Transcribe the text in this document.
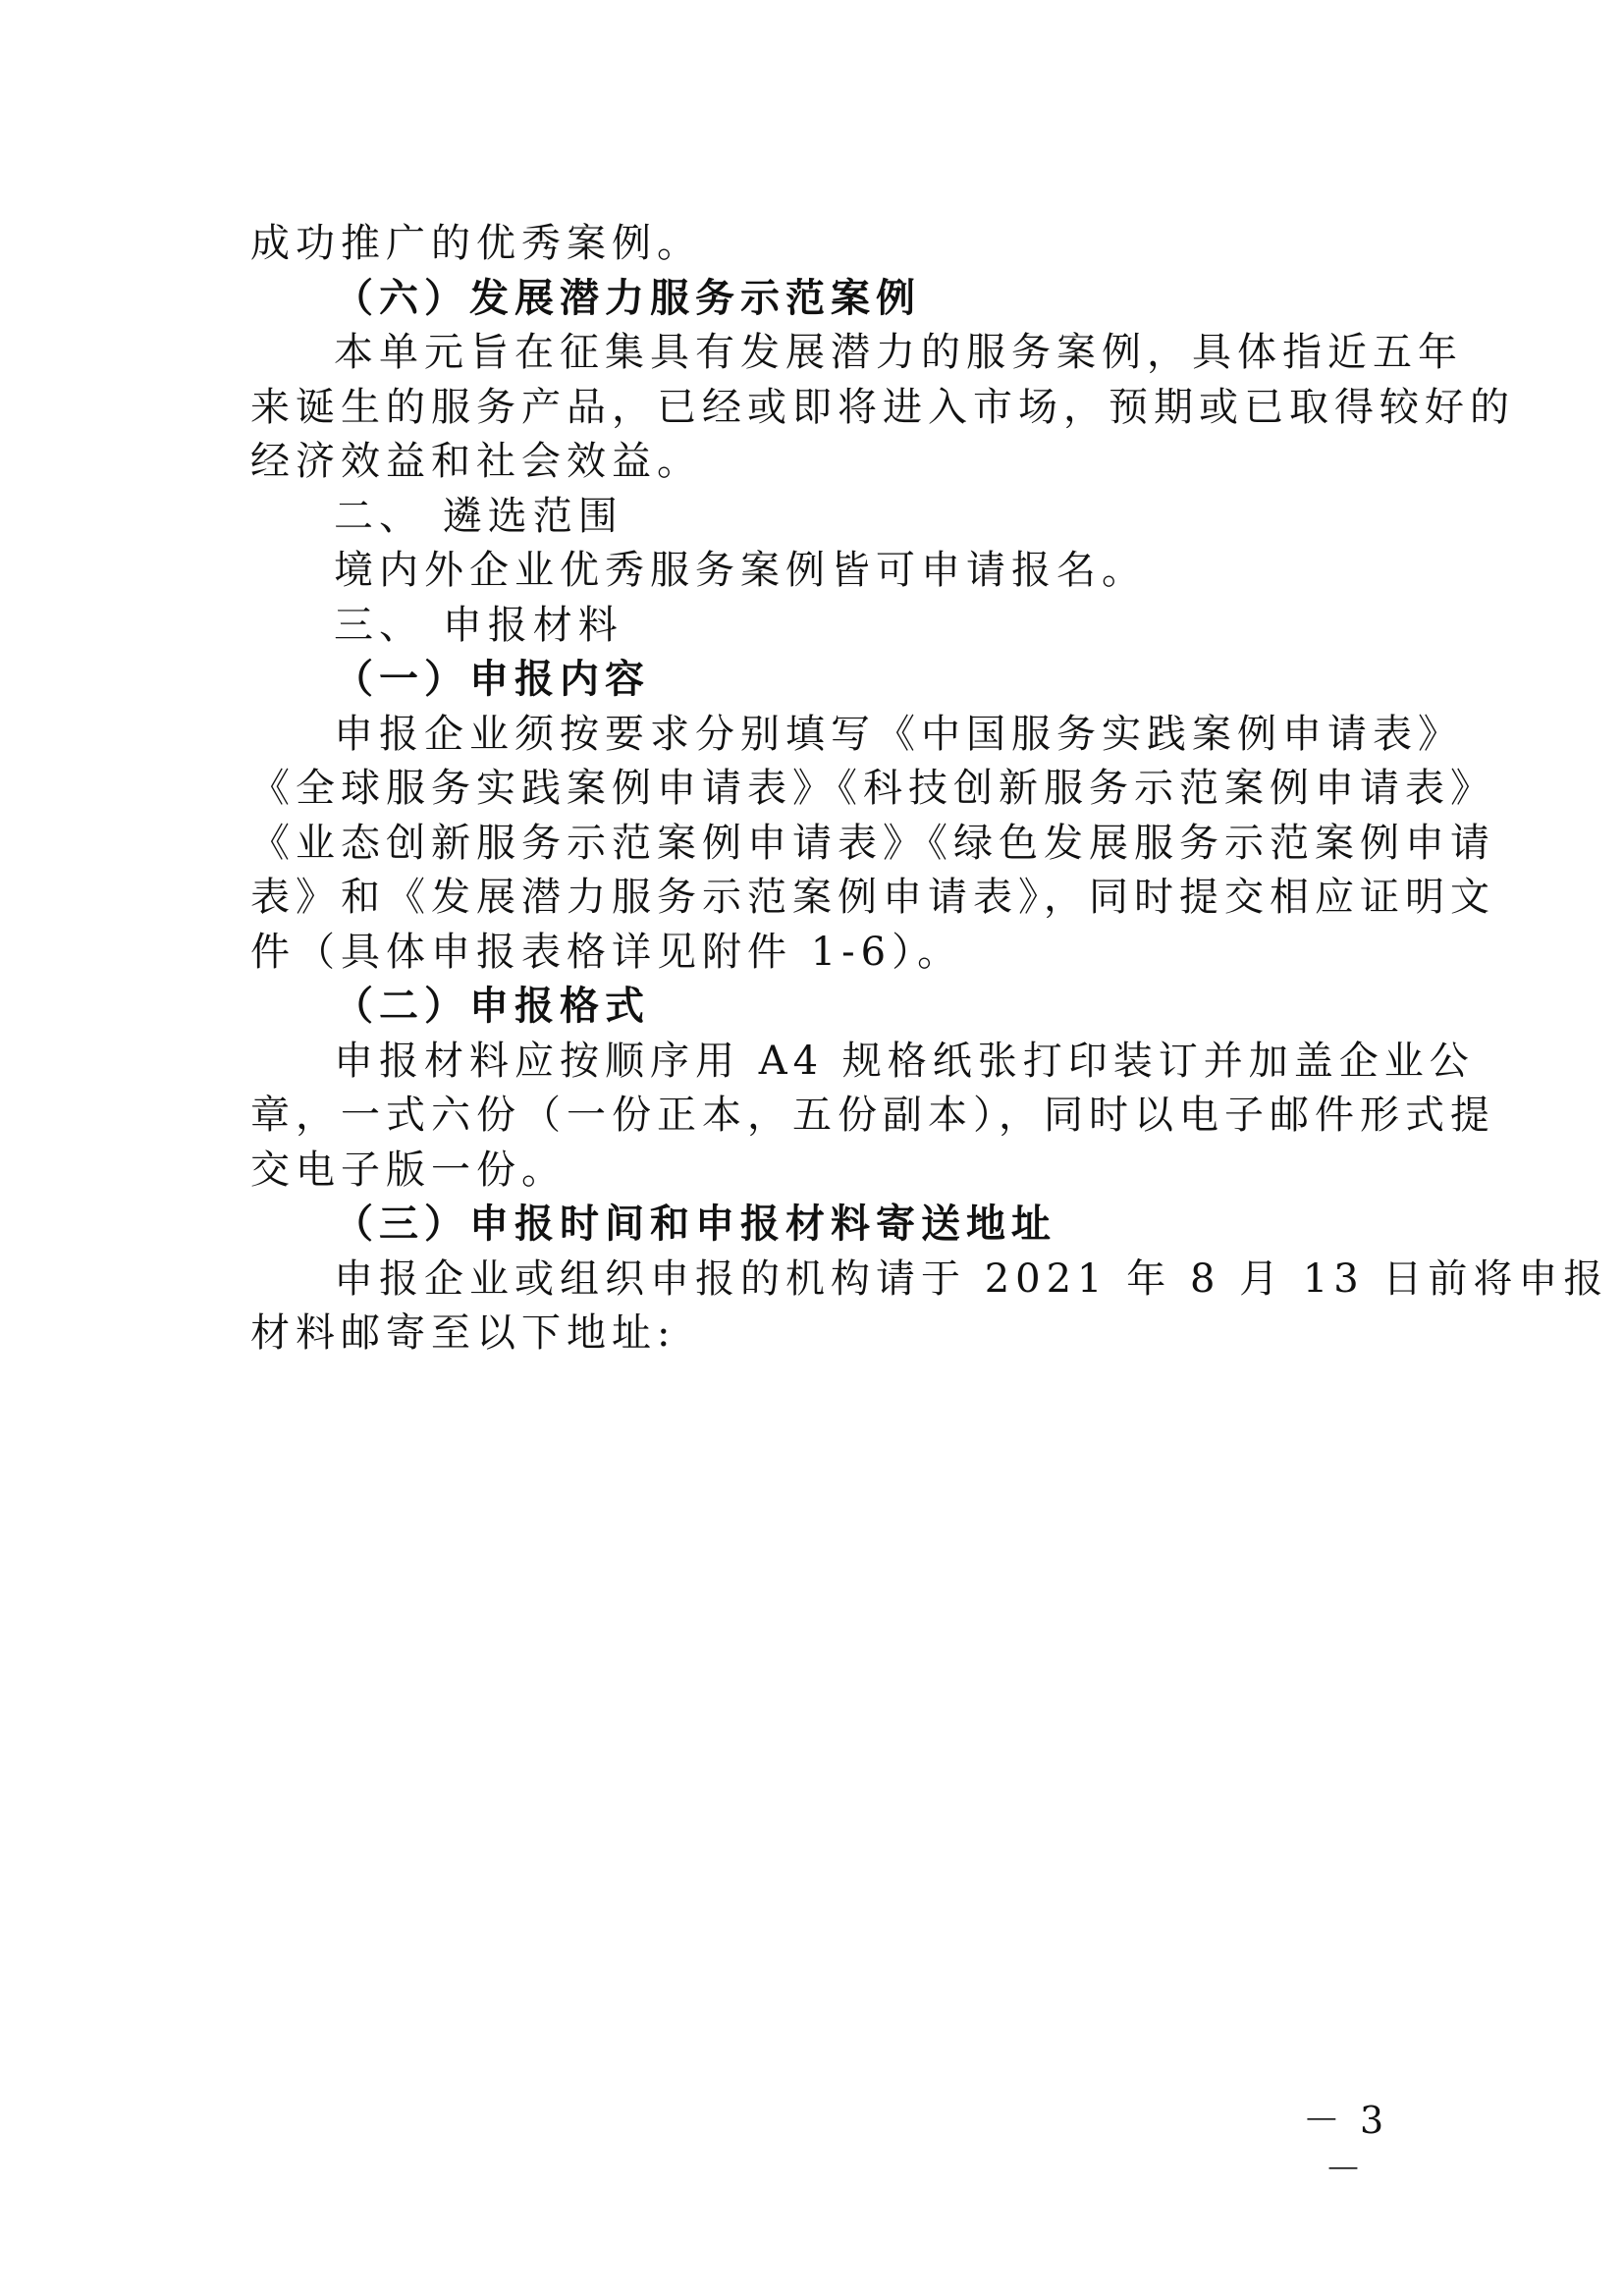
成功推广的优秀案例。
（六）发展潜力服务示范案例
本单元旨在征集具有发展潜力的服务案例，具体指近五年
来诞生的服务产品，已经或即将进入市场，预期或已取得较好的
经济效益和社会效益。
二、 遴选范围
境内外企业优秀服务案例皆可申请报名。
三、 申报材料
（一）申报内容
申报企业须按要求分别填写《中国服务实践案例申请表》
《全球服务实践案例申请表》《科技创新服务示范案例申请表》
《业态创新服务示范案例申请表》《绿色发展服务示范案例申请
表》和《发展潜力服务示范案例申请表》，同时提交相应证明文
件（具体申报表格详见附件 1-6）。
（二）申报格式
申报材料应按顺序用 A4 规格纸张打印装订并加盖企业公
章，一式六份（一份正本，五份副本），同时以电子邮件形式提
交电子版一份。
（三）申报时间和申报材料寄送地址
申报企业或组织申报的机构请于 2021 年 8 月 13 日前将申报
材料邮寄至以下地址:
－ 3 －
